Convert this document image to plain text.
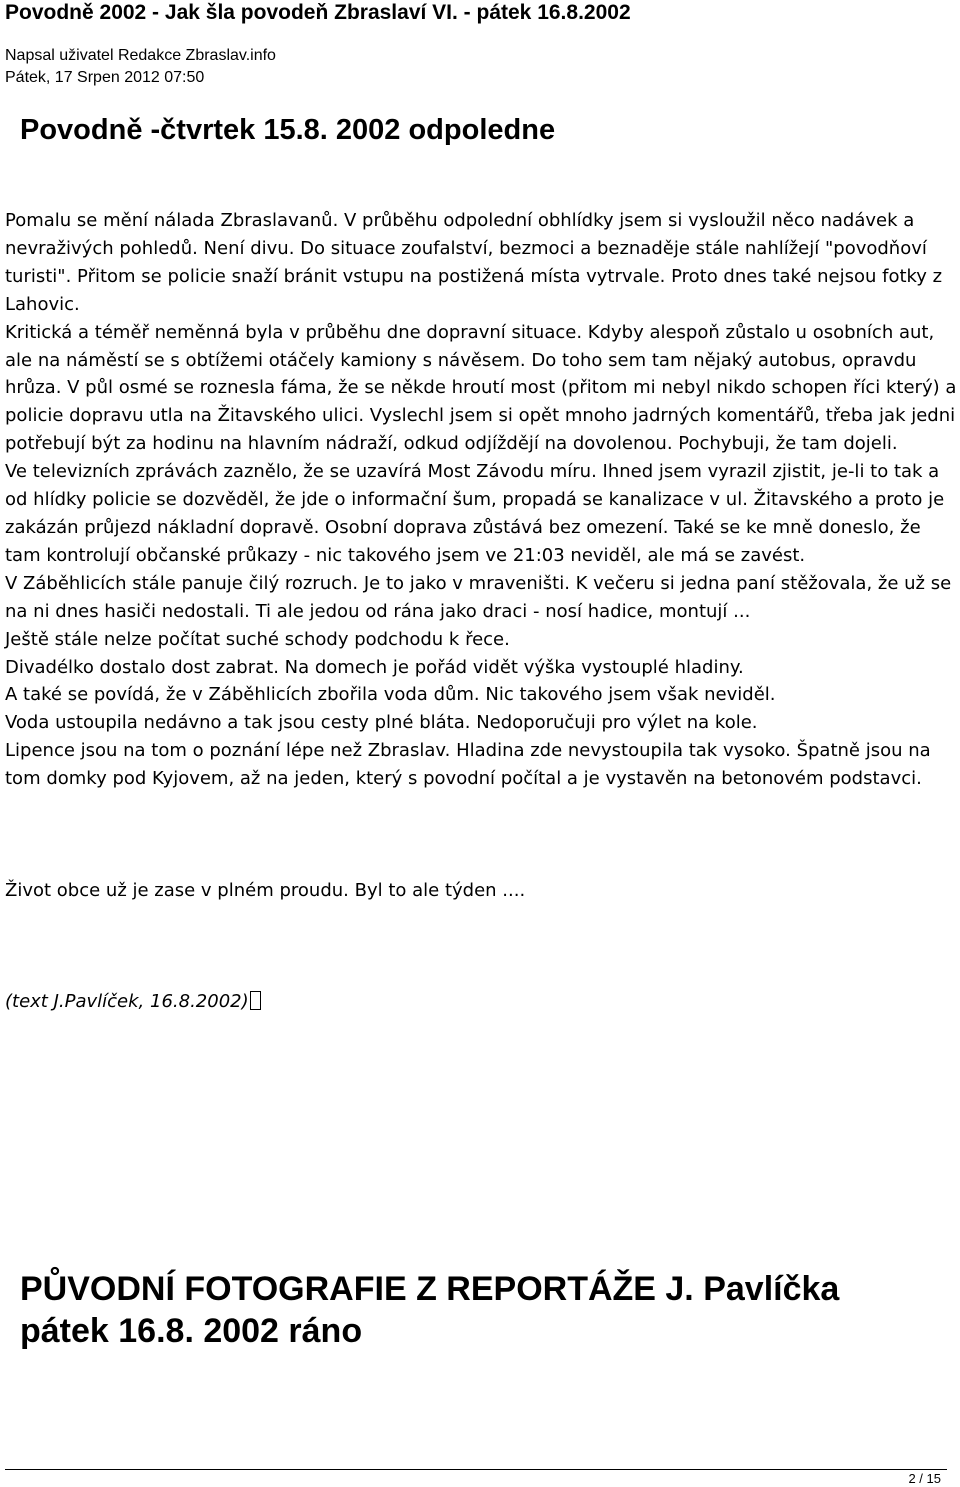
Povodně 2002 - Jak šla povodeň Zbraslaví VI. - pátek 16.8.2002
Napsal uživatel Redakce Zbraslav.info
Pátek, 17 Srpen 2012 07:50
Povodně -čtvrtek 15.8. 2002 odpoledne

Pomalu se mění nálada Zbraslavanů. V průběhu odpolední obhlídky jsem si vysloužil něco nadávek a nevraživých pohledů. Není divu. Do situace zoufalství, bezmoci a beznaděje stále nahlížejí "povodňoví turisti". Přitom se policie snaží bránit vstupu na postižená místa vytrvale. Proto dnes také nejsou fotky z Lahovic.

Kritická a téměř neměnná byla v průběhu dne dopravní situace. Kdyby alespoň zůstalo u osobních aut, ale na náměstí se s obtížemi otáčely kamiony s návěsem. Do toho sem tam nějaký autobus, opravdu hrůza. V půl osmé se roznesla fáma, že se někde hroutí most (přitom mi nebyl nikdo schopen říci který) a policie dopravu utla na Žitavského ulici. Vyslechl jsem si opět mnoho jadrných komentářů, třeba jak jedni potřebují být za hodinu na hlavním nádraží, odkud odjíždějí na dovolenou. Pochybuji, že tam dojeli.

Ve televizních zprávách zaznělo, že se uzavírá Most Závodu míru. Ihned jsem vyrazil zjistit, je-li to tak a od hlídky policie se dozvěděl, že jde o informační šum, propadá se kanalizace v ul. Žitavského a proto je zakázán průjezd nákladní dopravě. Osobní doprava zůstává bez omezení. Také se ke mně doneslo, že tam kontrolují občanské průkazy - nic takového jsem ve 21:03 neviděl, ale má se zavést.

V Záběhlicích stále panuje čilý rozruch. Je to jako v mraveništi. K večeru si jedna paní stěžovala, že už se na ni dnes hasiči nedostali. Ti ale jedou od rána jako draci - nosí hadice, montují ...

Ještě stále nelze počítat suché schody podchodu k řece.

Divadélko dostalo dost zabrat. Na domech je pořád vidět výška vystouplé hladiny.

A také se povídá, že v Záběhlicích zbořila voda dům. Nic takového jsem však neviděl.

Voda ustoupila nedávno a tak jsou cesty plné bláta. Nedoporučuji pro výlet na kole.

Lipence jsou na tom o poznání lépe než Zbraslav. Hladina zde nevystoupila tak vysoko. Špatně jsou na tom domky pod Kyjovem, až na jeden, který s povodní počítal a je vystavěn na betonovém podstavci.

Život obce už je zase v plném proudu. Byl to ale týden ....

(text J.Pavlíček, 16.8.2002)

PŮVODNÍ FOTOGRAFIE Z REPORTÁŽE J. Pavlíčka
pátek 16.8. 2002 ráno
2 / 15
